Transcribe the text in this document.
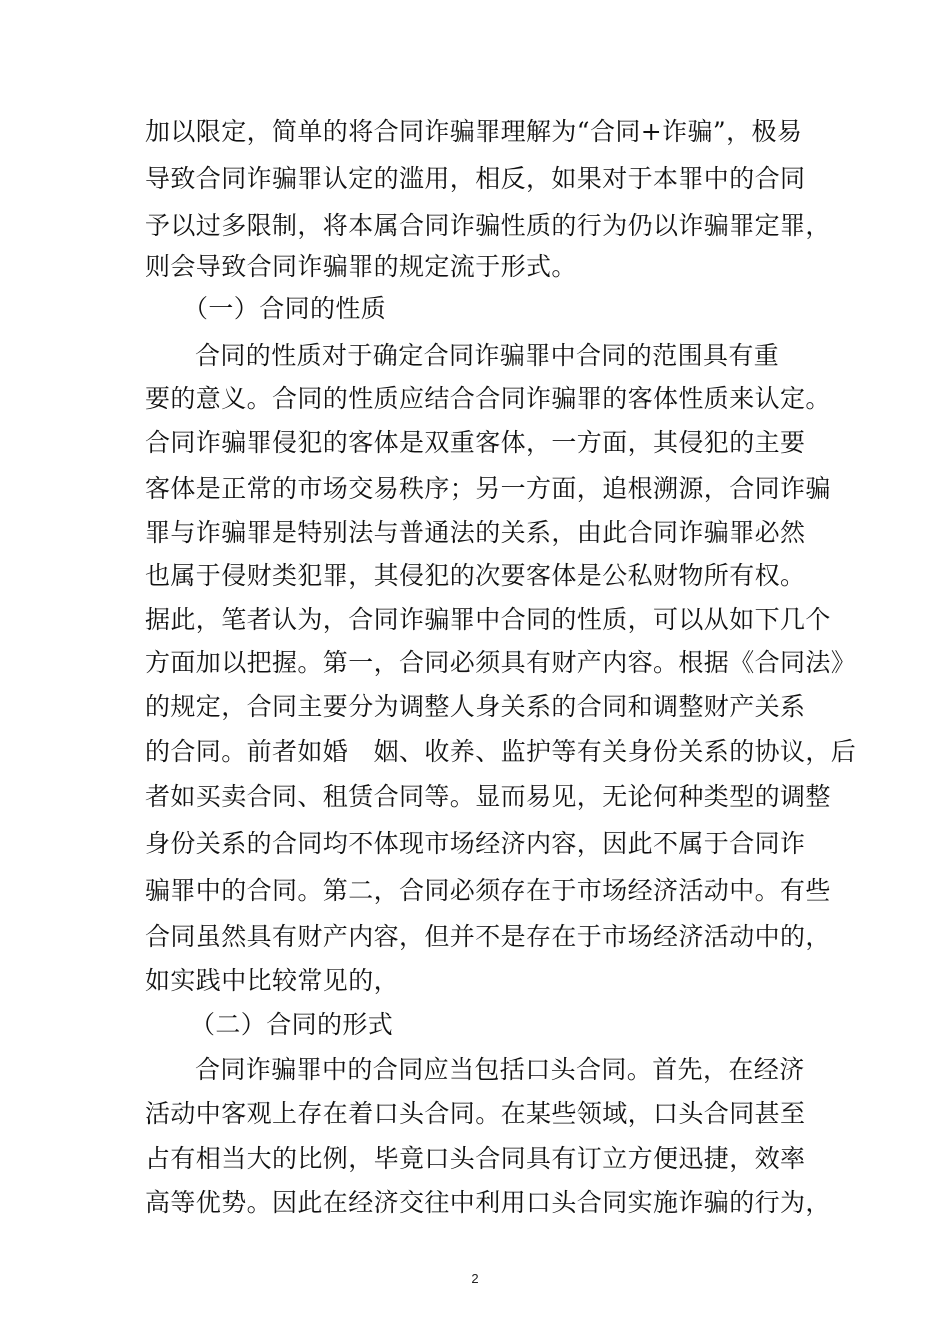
加以限定，简单的将合同诈骗罪理解为“合同+诈骗”，极易
导致合同诈骗罪认定的滥用，相反，如果对于本罪中的合同
予以过多限制，将本属合同诈骗性质的行为仍以诈骗罪定罪，
则会导致合同诈骗罪的规定流于形式。
（一）合同的性质
合同的性质对于确定合同诈骗罪中合同的范围具有重
要的意义。合同的性质应结合合同诈骗罪的客体性质来认定。
合同诈骗罪侵犯的客体是双重客体，一方面，其侵犯的主要
客体是正常的市场交易秩序；另一方面，追根溯源，合同诈骗
罪与诈骗罪是特别法与普通法的关系，由此合同诈骗罪必然
也属于侵财类犯罪，其侵犯的次要客体是公私财物所有权。
据此，笔者认为，合同诈骗罪中合同的性质，可以从如下几个
方面加以把握。第一，合同必须具有财产内容。根据《合同法》
的规定，合同主要分为调整人身关系的合同和调整财产关系
的合同。前者如婚　姻、收养、监护等有关身份关系的协议，后
者如买卖合同、租赁合同等。显而易见，无论何种类型的调整
身份关系的合同均不体现市场经济内容，因此不属于合同诈
骗罪中的合同。第二，合同必须存在于市场经济活动中。有些
合同虽然具有财产内容，但并不是存在于市场经济活动中的，
如实践中比较常见的，
（二）合同的形式
合同诈骗罪中的合同应当包括口头合同。首先，在经济
活动中客观上存在着口头合同。在某些领域，口头合同甚至
占有相当大的比例，毕竟口头合同具有订立方便迅捷，效率
高等优势。因此在经济交往中利用口头合同实施诈骗的行为，
2
